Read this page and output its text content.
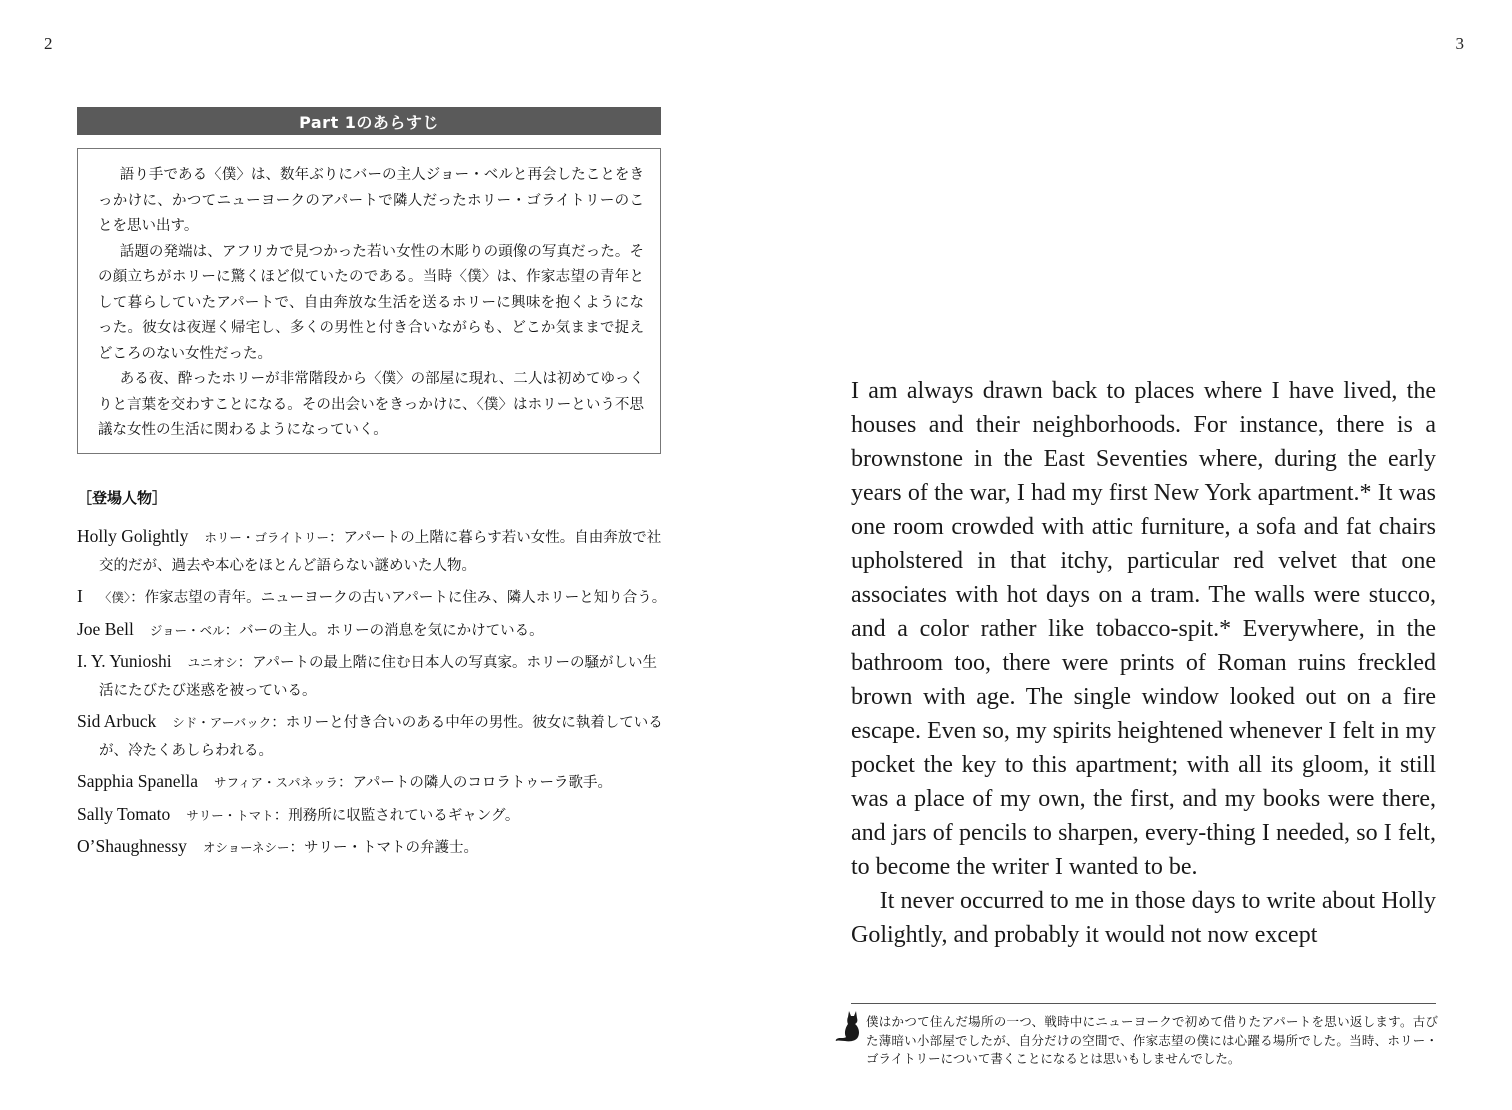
2	3
Part 1のあらすじ

語り手である〈僕〉は、数年ぶりにバーの主人ジョー・ベルと再会したことをきっかけに、かつてニューヨークのアパートで隣人だったホリー・ゴライトリーのことを思い出す。

話題の発端は、アフリカで見つかった若い女性の木彫りの頭像の写真だった。その顔立ちがホリーに驚くほど似ていたのである。当時〈僕〉は、作家志望の青年として暮らしていたアパートで、自由奔放な生活を送るホリーに興味を抱くようになった。彼女は夜遅く帰宅し、多くの男性と付き合いながらも、どこか気ままで捉えどころのない女性だった。

ある夜、酔ったホリーが非常階段から〈僕〉の部屋に現れ、二人は初めてゆっくりと言葉を交わすことになる。その出会いをきっかけに、〈僕〉はホリーという不思議な女性の生活に関わるようになっていく。

［登場人物］
Holly Golightly ホリー・ゴライトリー：アパートの上階に暮らす若い女性。自由奔放で社交的だが、過去や本心をほとんど語らない謎めいた人物。
I 〈僕〉：作家志望の青年。ニューヨークの古いアパートに住み、隣人ホリーと知り合う。
Joe Bell ジョー・ベル：バーの主人。ホリーの消息を気にかけている。
I. Y. Yunioshi ユニオシ：アパートの最上階に住む日本人の写真家。ホリーの騒がしい生活にたびたび迷惑を被っている。
Sid Arbuck シド・アーバック：ホリーと付き合いのある中年の男性。彼女に執着しているが、冷たくあしらわれる。
Sapphia Spanella サフィア・スパネッラ：アパートの隣人のコロラトゥーラ歌手。
Sally Tomato サリー・トマト：刑務所に収監されているギャング。
O’Shaughnessy オショーネシー：サリー・トマトの弁護士。

I am always drawn back to places where I have lived, the houses and their neighborhoods. For instance, there is a brownstone in the East Seventies where, during the early years of the war, I had my first New York apartment.* It was one room crowded with attic furniture, a sofa and fat chairs upholstered in that itchy, particular red velvet that one associates with hot days on a tram. The walls were stucco, and a color rather like tobacco-spit.* Everywhere, in the bathroom too, there were prints of Roman ruins freckled brown with age. The single window looked out on a fire escape. Even so, my spirits heightened whenever I felt in my pocket the key to this apartment; with all its gloom, it still was a place of my own, the first, and my books were there, and jars of pencils to sharpen, every-thing I needed, so I felt, to become the writer I wanted to be.

It never occurred to me in those days to write about Holly Golightly, and probably it would not now except

僕はかつて住んだ場所の一つ、戦時中にニューヨークで初めて借りたアパートを思い返します。古びた薄暗い小部屋でしたが、自分だけの空間で、作家志望の僕には心躍る場所でした。当時、ホリー・ゴライトリーについて書くことになるとは思いもしませんでした。
